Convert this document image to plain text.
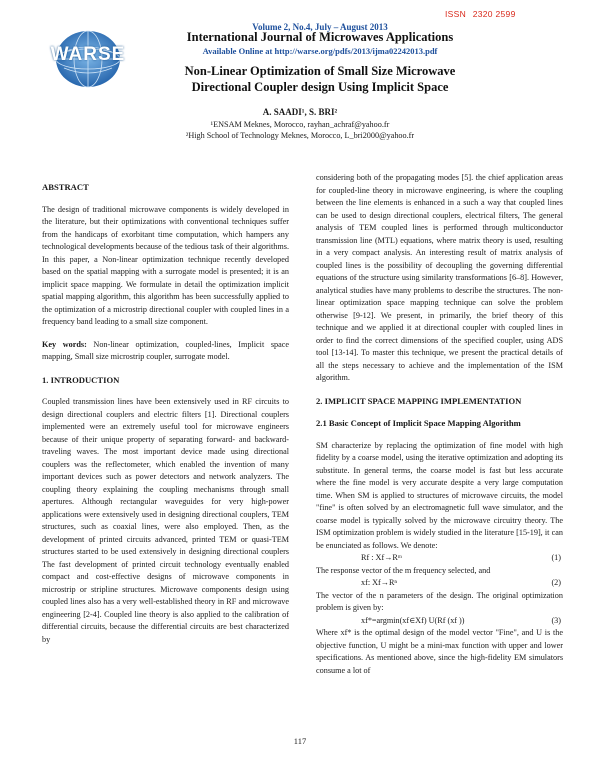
ISSN 2320 2599
WARSE
Volume 2, No.4, July – August 2013
International Journal of Microwaves Applications
Available Online at http://warse.org/pdfs/2013/ijma02242013.pdf
Non-Linear Optimization of Small Size Microwave
Directional Coupler design Using Implicit Space
A. SAADI¹, S. BRI²
¹ENSAM Meknes, Morocco, rayhan_achraf@yahoo.fr
²High School of Technology Meknes, Morocco, L_bri2000@yahoo.fr
ABSTRACT

The design of traditional microwave components is widely developed in the literature, but their optimizations with conventional techniques suffer from the handicaps of exorbitant time computation, which hampers any technological developments because of the tedious task of their algorithms. In this paper, a Non-linear optimization technique recently developed based on the spatial mapping with a surrogate model is presented; it is an implicit space mapping. We formulate in detail the optimization implicit spatial mapping algorithm, this algorithm has been successfully applied to the optimization of a microstrip directional coupler with coupled lines in a frequency band leading to a small size component.

Key words: Non-linear optimization, coupled-lines, Implicit space mapping, Small size microstrip coupler, surrogate model.

1. INTRODUCTION

Coupled transmission lines have been extensively used in RF circuits to design directional couplers and electric filters [1]. Directional couplers implemented were an extremely useful tool for microwave engineers because of their unique property of separating forward- and backward-traveling waves. The most important device made using directional couplers was the reflectometer, which enabled the invention of many important devices such as power detectors and network analyzers. The coupling theory explaining the coupling mechanisms through small apertures. Although rectangular waveguides for very high-power applications were extensively used in designing directional couplers, TEM structures, such as coaxial lines, were also employed. Then, as the development of printed circuits advanced, printed TEM or quasi-TEM structures started to be used extensively in designing directional couplers The fast development of printed circuit technology eventually enabled compact and cost-effective designs of microwave components in microstrip or stripline structures. Microwave components design using coupled lines also has a very well-established theory in RF and microwave engineering [2-4]. Coupled line theory is also applied to the calibration of differential circuits, because the differential circuits are best characterized by

considering both of the propagating modes [5]. the chief application areas for coupled-line theory in microwave engineering, is where the coupling between the line elements is enhanced in a such a way that coupled lines can be used to design directional couplers, electrical filters, The general analysis of TEM coupled lines is performed through multiconductor transmission line (MTL) equations, where matrix theory is used, resulting in a very compact analysis. An interesting result of matrix analysis of coupled lines is the possibility of decoupling the governing differential equations of the structure using similarity transformations [6–8]. However, analytical studies have many problems to describe the structures. The non-linear optimization space mapping technique can solve the problem otherwise [9-12]. We present, in primarily, the brief theory of this technique and we applied it at directional coupler with coupled lines in order to find the correct dimensions of the specified coupler, using ADS tool [13-14]. To master this technique, we present the practical details of all the steps necessary to achieve and the implementation of the ISM algorithm.

2. IMPLICIT SPACE MAPPING IMPLEMENTATION
2.1 Basic Concept of Implicit Space Mapping Algorithm

SM characterize by replacing the optimization of fine model with high fidelity by a coarse model, using the iterative optimization and adopting its substitute. In general terms, the coarse model is fast but less accurate where the fine model is very accurate despite a very large computation time. When SM is applied to structures of microwave circuits, the model "fine" is often solved by an electromagnetic full wave simulator, and the coarse model is typically solved by the microwave circuitry theory. The ISM optimization problem is widely studied in the literature [15-19], it can be enunciated as follows. We denote:

Rf : Xf→Rᵐ	(1)

The response vector of the m frequency selected, and

xf: Xf→Rⁿ	(2)

The vector of the n parameters of the design. The original optimization problem is given by:

xf*=argmin(xf∈Xf) U(Rf (xf ))	(3)

Where xf* is the optimal design of the model vector "Fine", and U is the objective function, U might be a mini-max function with upper and lower specifications. As mentioned above, since the high-fidelity EM simulators consume a lot of

117
